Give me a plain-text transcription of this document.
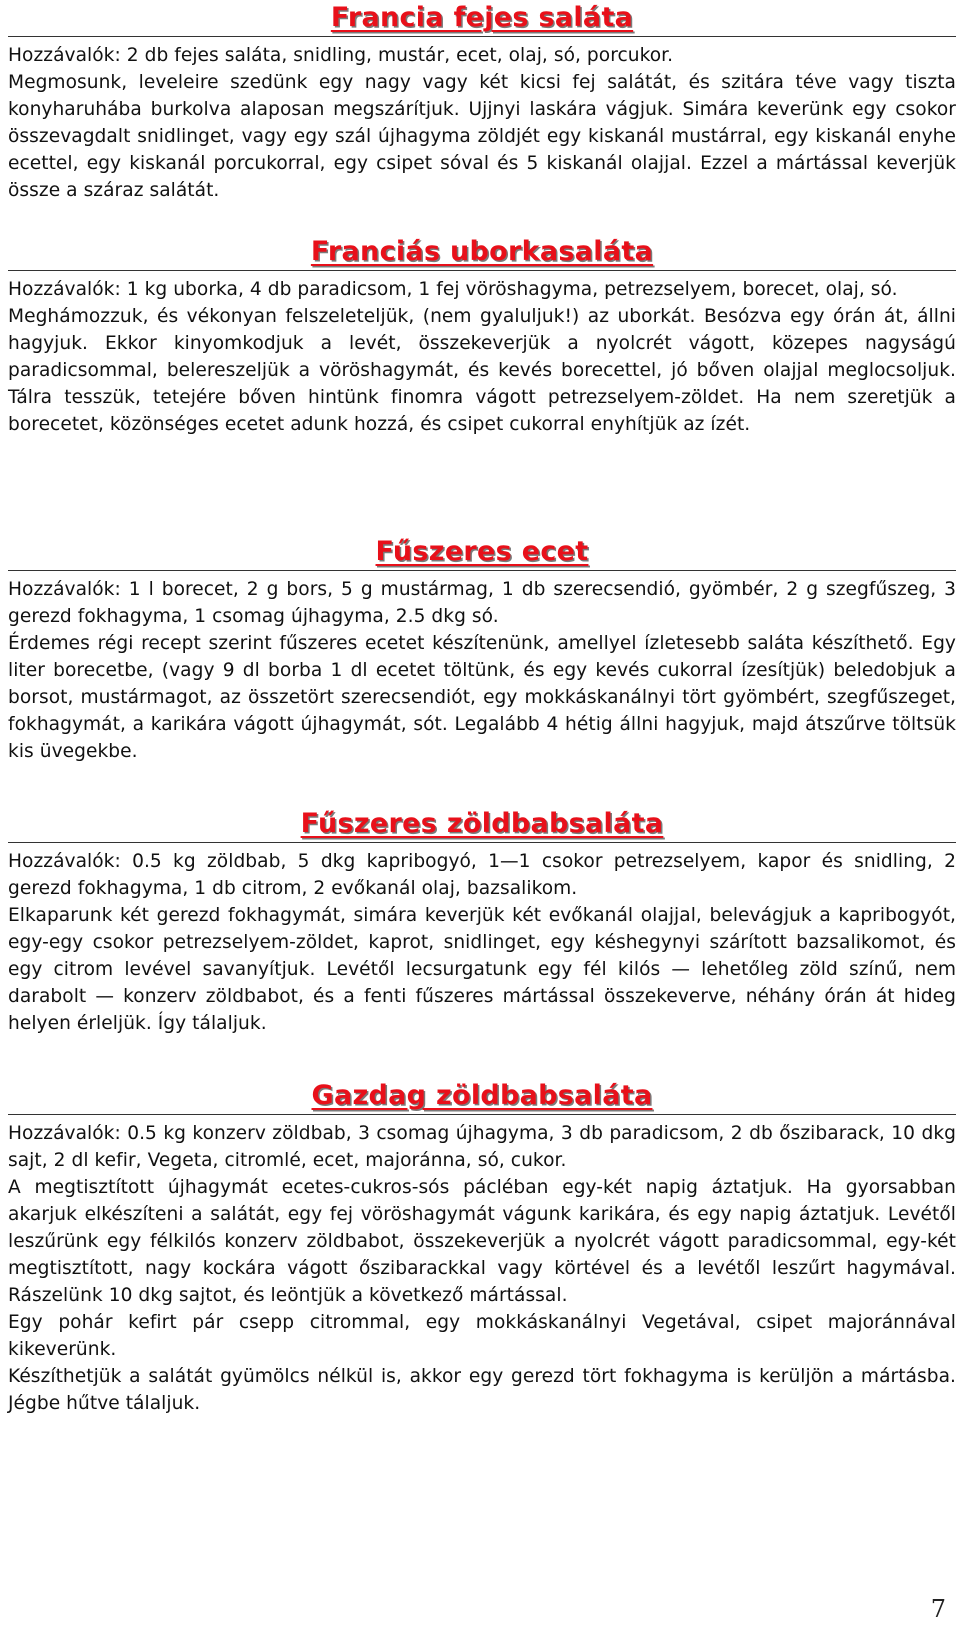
Francia fejes saláta

Hozzávalók: 2 db fejes saláta, snidling, mustár, ecet, olaj, só, porcukor.

Megmosunk, leveleire szedünk egy nagy vagy két kicsi fej salátát, és szitára téve vagy tiszta konyharuhába burkolva alaposan megszárítjuk. Ujjnyi laskára vágjuk. Simára keverünk egy csokor összevagdalt snidlinget, vagy egy szál újhagyma zöldjét egy kiskanál mustárral, egy kiskanál enyhe ecettel, egy kiskanál porcukorral, egy csipet sóval és 5 kiskanál olajjal. Ezzel a mártással keverjük össze a száraz salátát.

Franciás uborkasaláta

Hozzávalók: 1 kg uborka, 4 db paradicsom, 1 fej vöröshagyma, petrezselyem, borecet, olaj, só.

Meghámozzuk, és vékonyan felszeleteljük, (nem gyaluljuk!) az uborkát. Besózva egy órán át, állni hagyjuk. Ekkor kinyomkodjuk a levét, összekeverjük a nyolcrét vágott, közepes nagyságú paradicsommal, belereszeljük a vöröshagymát, és kevés borecettel, jó bőven olajjal meglocsoljuk. Tálra tesszük, tetejére bőven hintünk finomra vágott petrezselyem-zöldet. Ha nem szeretjük a borecetet, közönséges ecetet adunk hozzá, és csipet cukorral enyhítjük az ízét.

Fűszeres ecet

Hozzávalók: 1 l borecet, 2 g bors, 5 g mustármag, 1 db szerecsendió, gyömbér, 2 g szegfűszeg, 3 gerezd fokhagyma, 1 csomag újhagyma, 2.5 dkg só.

Érdemes régi recept szerint fűszeres ecetet készítenünk, amellyel ízletesebb saláta készíthető. Egy liter borecetbe, (vagy 9 dl borba 1 dl ecetet töltünk, és egy kevés cukorral ízesítjük) beledobjuk a borsot, mustármagot, az összetört szerecsendiót, egy mokkáskanálnyi tört gyömbért, szegfűszeget, fokhagymát, a karikára vágott újhagymát, sót. Legalább 4 hétig állni hagyjuk, majd átszűrve töltsük kis üvegekbe.

Fűszeres zöldbabsaláta

Hozzávalók: 0.5 kg zöldbab, 5 dkg kapribogyó, 1—1 csokor petrezselyem, kapor és snidling, 2 gerezd fokhagyma, 1 db citrom, 2 evőkanál olaj, bazsalikom.

Elkaparunk két gerezd fokhagymát, simára keverjük két evőkanál olajjal, belevágjuk a kapribogyót, egy-egy csokor petrezselyem-zöldet, kaprot, snidlinget, egy késhegynyi szárított bazsalikomot, és egy citrom levével savanyítjuk. Levétől lecsurgatunk egy fél kilós — lehetőleg zöld színű, nem darabolt — konzerv zöldbabot, és a fenti fűszeres mártással összekeverve, néhány órán át hideg helyen érleljük. Így tálaljuk.

Gazdag zöldbabsaláta

Hozzávalók: 0.5 kg konzerv zöldbab, 3 csomag újhagyma, 3 db paradicsom, 2 db őszibarack, 10 dkg sajt, 2 dl kefir, Vegeta, citromlé, ecet, majoránna, só, cukor.

A megtisztított újhagymát ecetes-cukros-sós pácléban egy-két napig áztatjuk. Ha gyorsabban akarjuk elkészíteni a salátát, egy fej vöröshagymát vágunk karikára, és egy napig áztatjuk. Levétől leszűrünk egy félkilós konzerv zöldbabot, összekeverjük a nyolcrét vágott paradicsommal, egy-két megtisztított, nagy kockára vágott őszibarackkal vagy körtével és a levétől leszűrt hagymával. Rászelünk 10 dkg sajtot, és leöntjük a következő mártással.

Egy pohár kefirt pár csepp citrommal, egy mokkáskanálnyi Vegetával, csipet majoránnával kikeverünk.

Készíthetjük a salátát gyümölcs nélkül is, akkor egy gerezd tört fokhagyma is kerüljön a mártásba. Jégbe hűtve tálaljuk.

7
